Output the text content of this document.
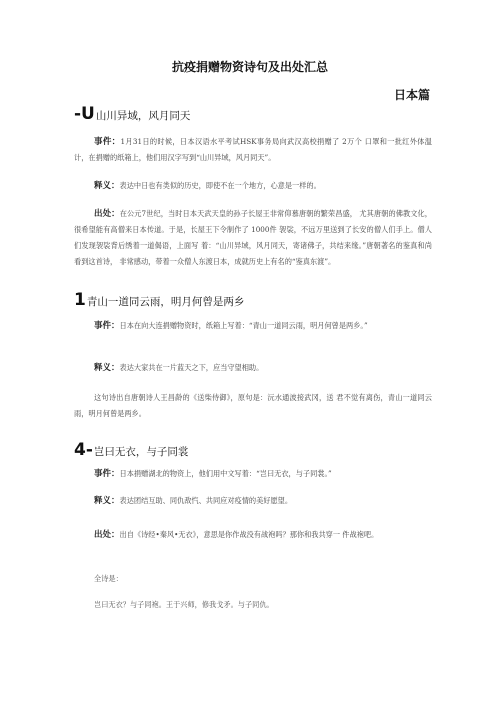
抗疫捐赠物资诗句及出处汇总
日本篇
-U山川异域，风月同天
事件：1月31日的时候，日本汉语水平考试HSK事务局向武汉高校捐赠了 2万个 口罩和一批红外体温计，在捐赠的纸箱上，他们用汉字写到“山川异域，风月同天”。
释义：表达中日也有类似的历史，即使不在一个地方，心意是一样的。
出处：在公元7世纪，当时日本天武天皇的孙子长屋王非常仰慕唐朝的繁荣昌盛， 尤其唐朝的佛教文化，很希望能有高僧来日本传道。于是，长屋王下令制作了 1000件 袈裟，不远万里送到了长安的僧人们手上。僧人们发现袈裟背后绣着一道偈语，上面写 着：“山川异域，风月同天，寄诸佛子，共结来缘。”唐朝著名的鉴真和尚看到这首诗， 非常感动，带着一众僧人东渡日本，成就历史上有名的“鉴真东渡”。
1青山一道同云雨，明月何曾是两乡
事件：日本在向大连捐赠物资时，纸箱上写着：“青山一道同云雨，明月何曾是两乡。”
释义：表达大家共在一片蓝天之下，应当守望相助。
这句诗出自唐朝诗人王昌龄的《送柴侍御》，原句是：沅水通波接武冈，送 君不觉有离伤，青山一道同云雨，明月何曾是两乡。
4-岂曰无衣，与子同裳
事件：日本捐赠湖北的物资上，他们用中文写着：“岂曰无衣，与子同裳。”
释义：表达团结互助、同仇敌忾、共同应对疫情的美好愿望。
出处：出自《诗经•秦风•无衣》，意思是你作战没有战袍吗？那你和我共穿一 件战袍吧。
全诗是：
岂曰无衣？与子同袍。王于兴师，修我戈矛。与子同仇。
